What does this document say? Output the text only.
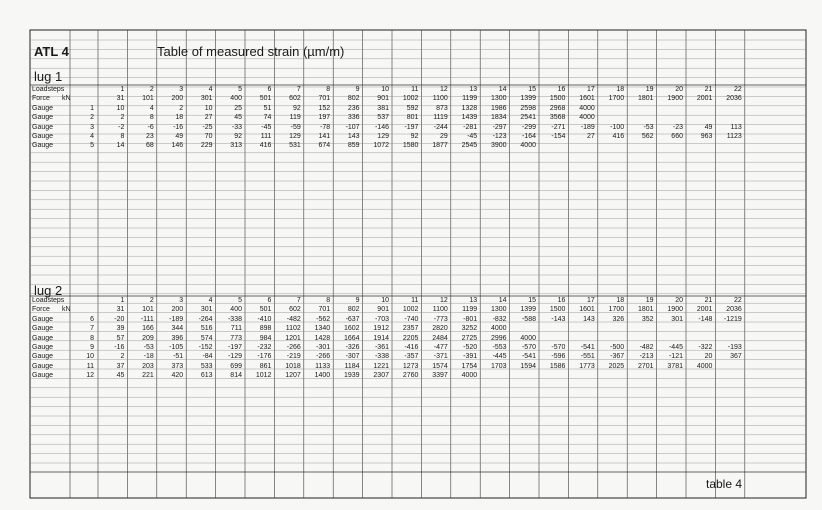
ATL 4	Table of measured strain (µm/m)
lug 1
lug 2
table 4
Loadsteps	1	2	3	4	5	6	7	8	9	10	11	12	13	14	15	16	17	18	19	20	21	22
Force kN	31	101	200	301	400	501	602	701	802	901	1002	1100	1199	1300	1399	1500	1601	1700	1801	1900	2001	2036
Gauge	1	10	4	2	10	25	51	92	152	236	381	592	873	1328	1986	2598	2968	4000
Gauge	2	2	8	18	27	45	74	119	197	336	537	801	1119	1439	1834	2541	3568	4000
Gauge	3	-2	-6	-16	-25	-33	-45	-59	-78	-107	-146	-197	-244	-281	-297	-299	-271	-189	-100	-53	-23	49	113
Gauge	4	8	23	49	70	92	111	129	141	143	129	92	29	-45	-123	-164	-154	27	416	562	660	963	1123
Gauge	5	14	68	146	229	313	416	531	674	859	1072	1580	1877	2545	3900	4000
Loadsteps	1	2	3	4	5	6	7	8	9	10	11	12	13	14	15	16	17	18	19	20	21	22
Force kN	31	101	200	301	400	501	602	701	802	901	1002	1100	1199	1300	1399	1500	1601	1700	1801	1900	2001	2036
Gauge	6	-20	-111	-189	-264	-338	-410	-482	-562	-637	-703	-740	-773	-801	-832	-588	-143	143	326	352	301	-148	-1219
Gauge	7	39	166	344	516	711	898	1102	1340	1602	1912	2357	2820	3252	4000
Gauge	8	57	209	396	574	773	984	1201	1428	1664	1914	2205	2484	2725	2996	4000
Gauge	9	-16	-53	-105	-152	-197	-232	-266	-301	-326	-361	-416	-477	-520	-553	-570	-570	-541	-500	-482	-445	-322	-193
Gauge	10	2	-18	-51	-84	-129	-176	-219	-266	-307	-338	-357	-371	-391	-445	-541	-596	-551	-367	-213	-121	20	367
Gauge	11	37	203	373	533	699	861	1018	1133	1184	1221	1273	1574	1754	1703	1594	1586	1773	2025	2701	3781	4000
Gauge	12	45	221	420	613	814	1012	1207	1400	1939	2307	2760	3397	4000
